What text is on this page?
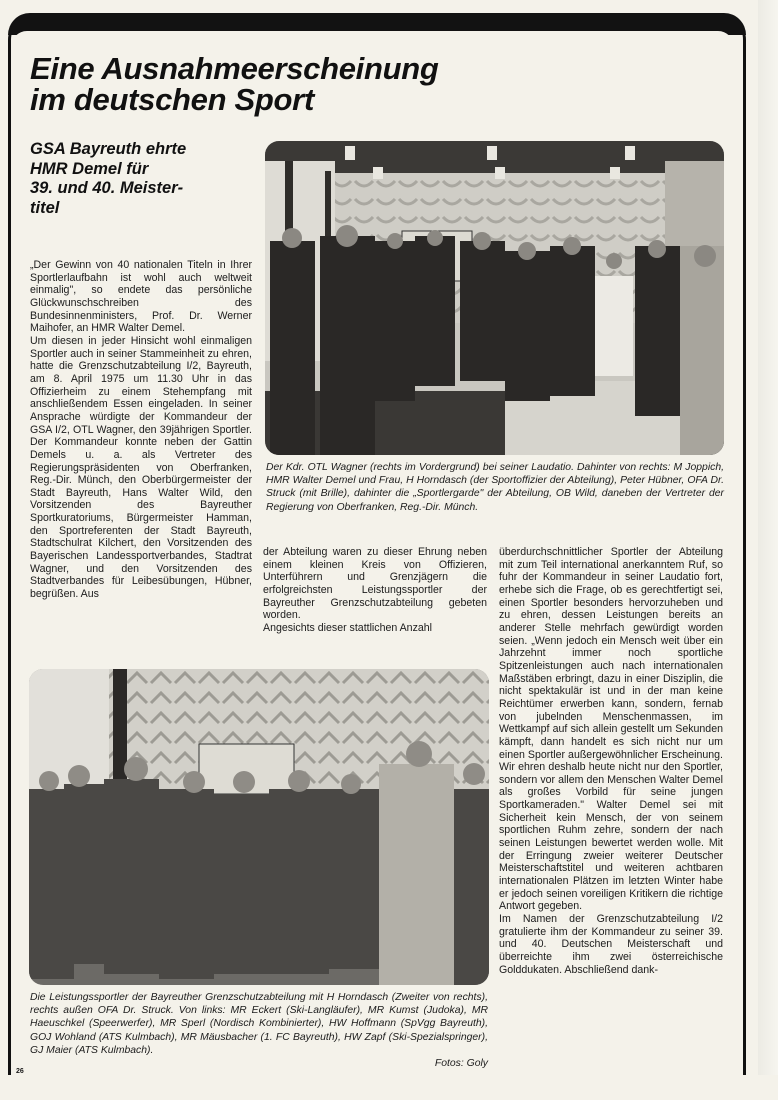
Eine Ausnahmeerscheinung
im deutschen Sport
GSA Bayreuth ehrte
HMR Demel für
39. und 40. Meister-
titel

„Der Gewinn von 40 nationalen Titeln in Ihrer Sportlerlaufbahn ist wohl auch weltweit einmalig", so endete das persönliche Glückwunschschreiben des Bundesinnenministers, Prof. Dr. Werner Maihofer, an HMR Walter Demel.

Um diesen in jeder Hinsicht wohl einmaligen Sportler auch in seiner Stammeinheit zu ehren, hatte die Grenzschutzabteilung I/2, Bayreuth, am 8. April 1975 um 11.30 Uhr in das Offizierheim zu einem Stehempfang mit anschließendem Essen eingeladen. In seiner Ansprache würdigte der Kommandeur der GSA I/2, OTL Wagner, den 39jährigen Sportler. Der Kommandeur konnte neben der Gattin Demels u. a. als Vertreter des Regierungspräsidenten von Oberfranken, Reg.-Dir. Münch, den Oberbürgermeister der Stadt Bayreuth, Hans Walter Wild, den Vorsitzenden des Bayreuther Sportkuratoriums, Bürgermeister Hamman, den Sportreferenten der Stadt Bayreuth, Stadtschulrat Kilchert, den Vorsitzenden des Bayerischen Landessportverbandes, Stadtrat Wagner, und den Vorsitzenden des Stadtverbandes für Leibesübungen, Hübner, begrüßen. Aus

Der Kdr. OTL Wagner (rechts im Vordergrund) bei seiner Laudatio. Dahinter von rechts: M Joppich, HMR Walter Demel und Frau, H Horndasch (der Sportoffizier der Abteilung), Peter Hübner, OFA Dr. Struck (mit Brille), dahinter die „Sportlergarde" der Abteilung, OB Wild, daneben der Vertreter der Regierung von Oberfranken, Reg.-Dir. Münch.

der Abteilung waren zu dieser Ehrung neben einem kleinen Kreis von Offizieren, Unterführern und Grenzjägern die erfolgreichsten Leistungssportler der Bayreuther Grenzschutzabteilung gebeten worden.

Angesichts dieser stattlichen Anzahl

überdurchschnittlicher Sportler der Abteilung mit zum Teil international anerkanntem Ruf, so fuhr der Kommandeur in seiner Laudatio fort, erhebe sich die Frage, ob es gerechtfertigt sei, einen Sportler besonders hervorzuheben und zu ehren, dessen Leistungen bereits an anderer Stelle mehrfach gewürdigt worden seien. „Wenn jedoch ein Mensch weit über ein Jahrzehnt immer noch sportliche Spitzenleistungen auch nach internationalen Maßstäben erbringt, dazu in einer Disziplin, die nicht spektakulär ist und in der man keine Reichtümer erwerben kann, sondern, fernab von jubelnden Menschenmassen, im Wettkampf auf sich allein gestellt um Sekunden kämpft, dann handelt es sich nicht nur um einen Sportler außergewöhnlicher Erscheinung. Wir ehren deshalb heute nicht nur den Sportler, sondern vor allem den Menschen Walter Demel als großes Vorbild für seine jungen Sportkameraden." Walter Demel sei mit Sicherheit kein Mensch, der von seinem sportlichen Ruhm zehre, sondern der nach seinen Leistungen bewertet werden wolle. Mit der Erringung zweier weiterer Deutscher Meisterschaftstitel und weiteren achtbaren internationalen Plätzen im letzten Winter habe er jedoch seinen voreiligen Kritikern die richtige Antwort gegeben.

Im Namen der Grenzschutzabteilung I/2 gratulierte ihm der Kommandeur zu seiner 39. und 40. Deutschen Meisterschaft und überreichte ihm zwei österreichische Golddukaten. Abschließend dank-

Die Leistungssportler der Bayreuther Grenzschutzabteilung mit H Horndasch (Zweiter von rechts), rechts außen OFA Dr. Struck. Von links: MR Eckert (Ski-Langläufer), MR Kumst (Judoka), MR Haeuschkel (Speerwerfer), MR Sperl (Nordisch Kombinierter), HW Hoffmann (SpVgg Bayreuth), GOJ Wohland (ATS Kulmbach), MR Mäusbacher (1. FC Bayreuth), HW Zapf (Ski-Spezialspringer), GJ Maier (ATS Kulmbach).
Fotos: Goly
26
